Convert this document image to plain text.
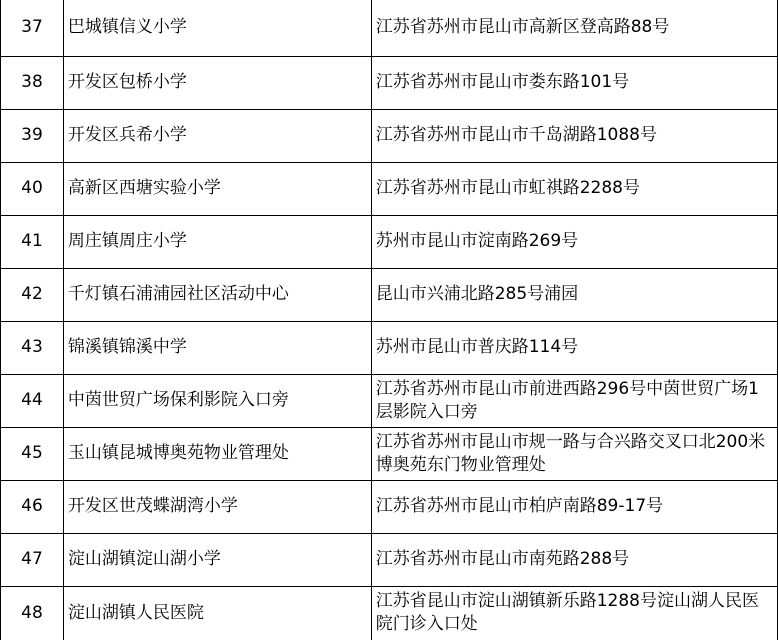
37	巴城镇信义小学	江苏省苏州市昆山市高新区登高路88号
38	开发区包桥小学	江苏省苏州市昆山市娄东路101号
39	开发区兵希小学	江苏省苏州市昆山市千岛湖路1088号
40	高新区西塘实验小学	江苏省苏州市昆山市虹祺路2288号
41	周庄镇周庄小学	苏州市昆山市淀南路269号
42	千灯镇石浦浦园社区活动中心	昆山市兴浦北路285号浦园
43	锦溪镇锦溪中学	苏州市昆山市普庆路114号
44	中茵世贸广场保利影院入口旁	江苏省苏州市昆山市前进西路296号中茵世贸广场1层影院入口旁
45	玉山镇昆城博奥苑物业管理处	江苏省苏州市昆山市规一路与合兴路交叉口北200米博奥苑东门物业管理处
46	开发区世茂蝶湖湾小学	江苏省苏州市昆山市柏庐南路89-17号
47	淀山湖镇淀山湖小学	江苏省苏州市昆山市南苑路288号
48	淀山湖镇人民医院	江苏省昆山市淀山湖镇新乐路1288号淀山湖人民医院门诊入口处
